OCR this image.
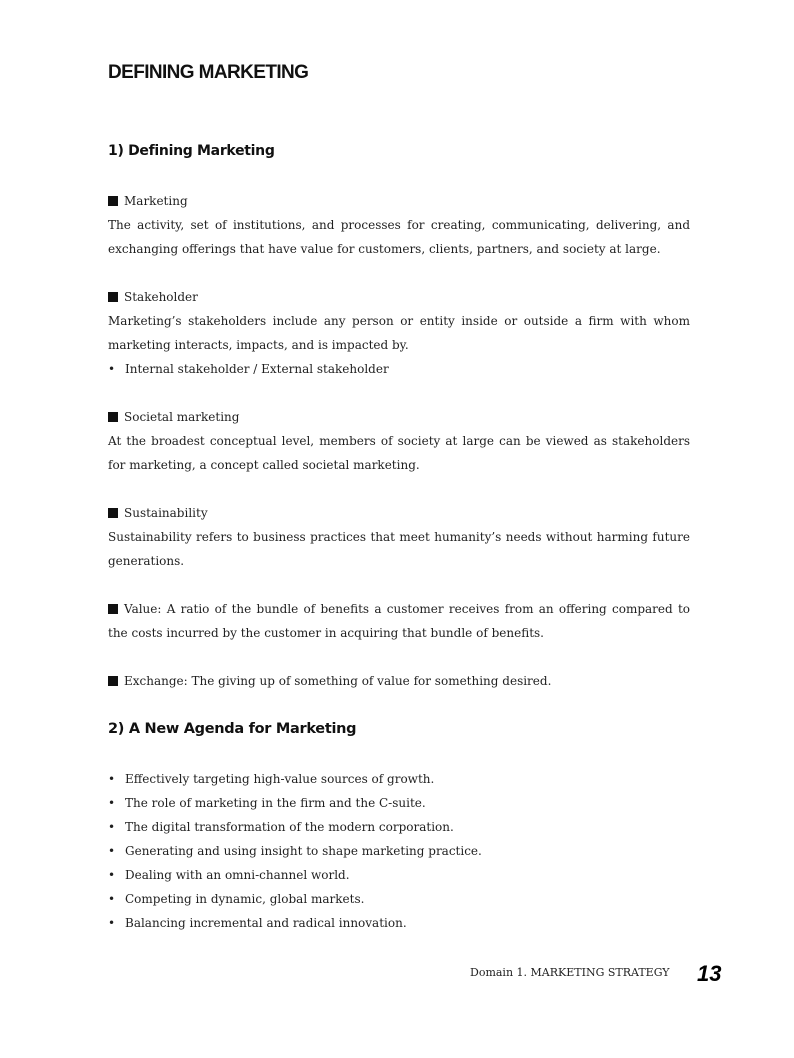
DEFINING MARKETING
1) Defining Marketing
Marketing
The activity, set of institutions, and processes for creating, communicating, delivering, and exchanging offerings that have value for customers, clients, partners, and society at large.
Stakeholder
Marketing’s stakeholders include any person or entity inside or outside a firm with whom marketing interacts, impacts, and is impacted by.
• Internal stakeholder / External stakeholder
Societal marketing
At the broadest conceptual level, members of society at large can be viewed as stakeholders for marketing, a concept called societal marketing.
Sustainability
Sustainability refers to business practices that meet humanity’s needs without harming future generations.
Value: A ratio of the bundle of benefits a customer receives from an offering compared to the costs incurred by the customer in acquiring that bundle of benefits.
Exchange: The giving up of something of value for something desired.
2) A New Agenda for Marketing
• Effectively targeting high-value sources of growth.
• The role of marketing in the firm and the C-suite.
• The digital transformation of the modern corporation.
• Generating and using insight to shape marketing practice.
• Dealing with an omni-channel world.
• Competing in dynamic, global markets.
• Balancing incremental and radical innovation.
Domain 1. MARKETING STRATEGY 13
